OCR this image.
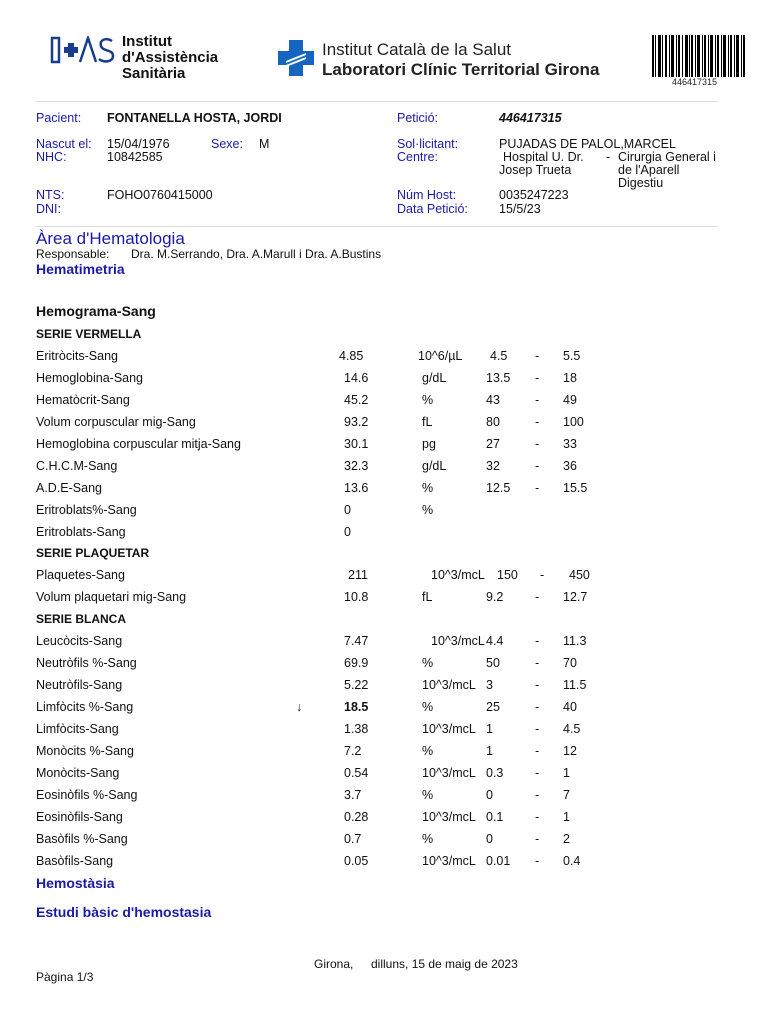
Institut
d'Assistència
Sanitària
Institut Català de la Salut
Laboratori Clínic Territorial Girona
446417315
Pacient: FONTANELLA HOSTA, JORDI	Petició:	446417315
Nascut el: 15/04/1976	Sexe: M
NHC:	10842585
Sol·licitant:	PUJADAS DE PALOL,MARCEL
Centre:	Hospital U. Dr.
Josep Trueta
- Cirurgia General i
de l'Aparell
Digestiu
NTS:	FOHO0760415000
DNI:
Núm Host:	0035247223
Data Petició: 15/5/23
Àrea d'Hematologia
Responsable: Dra. M.Serrando, Dra. A.Marull i Dra. A.Bustins
Hematimetria
Hemograma-Sang
SERIE VERMELLA
SERIE PLAQUETAR
SERIE BLANCA
Eritròcits-Sang	4.85	10^6/µL 4.5 - 5.5
Hemoglobina-Sang	14.6	g/dL	13.5 - 18
Hematòcrit-Sang	45.2	%	43	- 49
Volum corpuscular mig-Sang	93.2	fL	80	- 100
Hemoglobina corpuscular mitja-Sang	30.1	pg	27	- 33
C.H.C.M-Sang	32.3	g/dL	32	- 36
A.D.E-Sang	13.6	%	12.5 - 15.5
Eritroblats%-Sang	0	%
Eritroblats-Sang	0
Plaquetes-Sang	211	10^3/mcL 150 - 450
Volum plaquetari mig-Sang	10.8	fL	9.2	- 12.7
Leucòcits-Sang	7.47	10^3/mcL 4.4	- 11.3
Neutròfils %-Sang	69.9	%	50	- 70
Neutròfils-Sang	5.22	10^3/mcL 3	- 11.5
Limfòcits %-Sang	18.5	%	25	- 40
↓
Limfòcits-Sang	1.38	10^3/mcL 1	- 4.5
Monòcits %-Sang	7.2	%	1	- 12
Monòcits-Sang	0.54	10^3/mcL 0.3	- 1
Eosinòfils %-Sang	3.7	%	0	- 7
Eosinòfils-Sang	0.28	10^3/mcL 0.1	- 1
Basòfils %-Sang	0.7	%	0	- 2
Basòfils-Sang	0.05	10^3/mcL 0.01 - 0.4
Hemostàsia
Estudi bàsic d'hemostasia
Girona, dilluns, 15 de maig de 2023
Pàgina 1/3
